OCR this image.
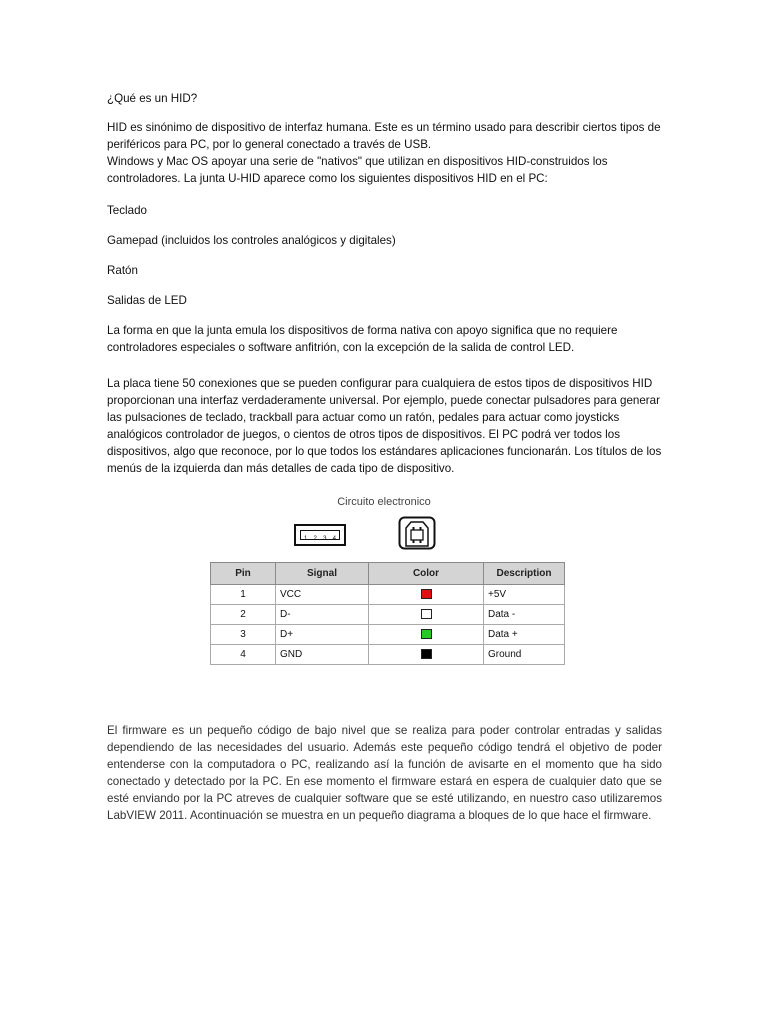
¿Qué es un HID?
HID es sinónimo de dispositivo de interfaz humana. Este es un término usado para describir ciertos tipos de
periféricos para PC, por lo general conectado a través de USB.
Windows y Mac OS apoyar una serie de "nativos" que utilizan en dispositivos HID-construidos los
controladores. La junta U-HID aparece como los siguientes dispositivos HID en el PC:
Teclado
Gamepad (incluidos los controles analógicos y digitales)
Ratón
Salidas de LED
La forma en que la junta emula los dispositivos de forma nativa con apoyo significa que no requiere
controladores especiales o software anfitrión, con la excepción de la salida de control LED.
La placa tiene 50 conexiones que se pueden configurar para cualquiera de estos tipos de dispositivos HID
proporcionan una interfaz verdaderamente universal. Por ejemplo, puede conectar pulsadores para generar
las pulsaciones de teclado, trackball para actuar como un ratón, pedales para actuar como joysticks
analógicos controlador de juegos, o cientos de otros tipos de dispositivos. El PC podrá ver todos los
dispositivos, algo que reconoce, por lo que todos los estándares aplicaciones funcionarán. Los títulos de los
menús de la izquierda dan más detalles de cada tipo de dispositivo.
Circuito electronico
1 2 3 4
Pin	Signal	Color	Description
1	VCC		+5V
2	D-		Data -
3	D+		Data +
4	GND		Ground
El firmware es un pequeño código de bajo nivel que se realiza para poder controlar entradas y salidas
dependiendo de las necesidades del usuario. Además este pequeño código tendrá el objetivo de poder
entenderse con la computadora o PC, realizando así la función de avisarte en el momento que ha sido
conectado y detectado por la PC. En ese momento el firmware estará en espera de cualquier dato que se
esté enviando por la PC atreves de cualquier software que se esté utilizando, en nuestro caso utilizaremos
LabVIEW 2011. Acontinuación se muestra en un pequeño diagrama a bloques de lo que hace el firmware.
